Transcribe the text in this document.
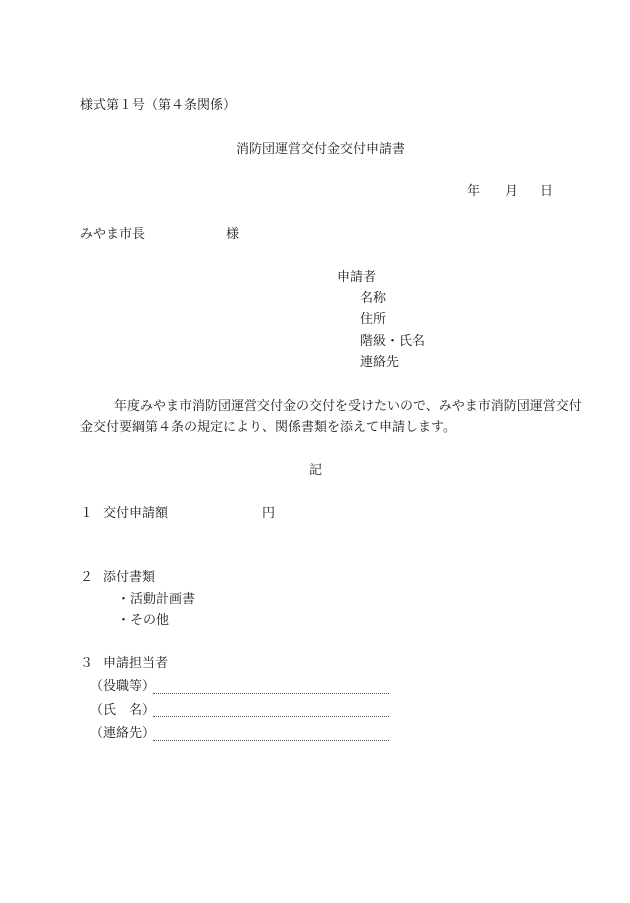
様式第１号（第４条関係）
消防団運営交付金交付申請書
年 月 日
みやま市長	様
申請者
名称
住所
階級・氏名
連絡先
年度みやま市消防団運営交付金の交付を受けたいので、みやま市消防団運営交付
金交付要綱第４条の規定により、関係書類を添えて申請します。
記
１ 交付申請額	円
２ 添付書類
・活動計画書
・その他
３ 申請担当者
（役職等）
（氏　名）
（連絡先）
